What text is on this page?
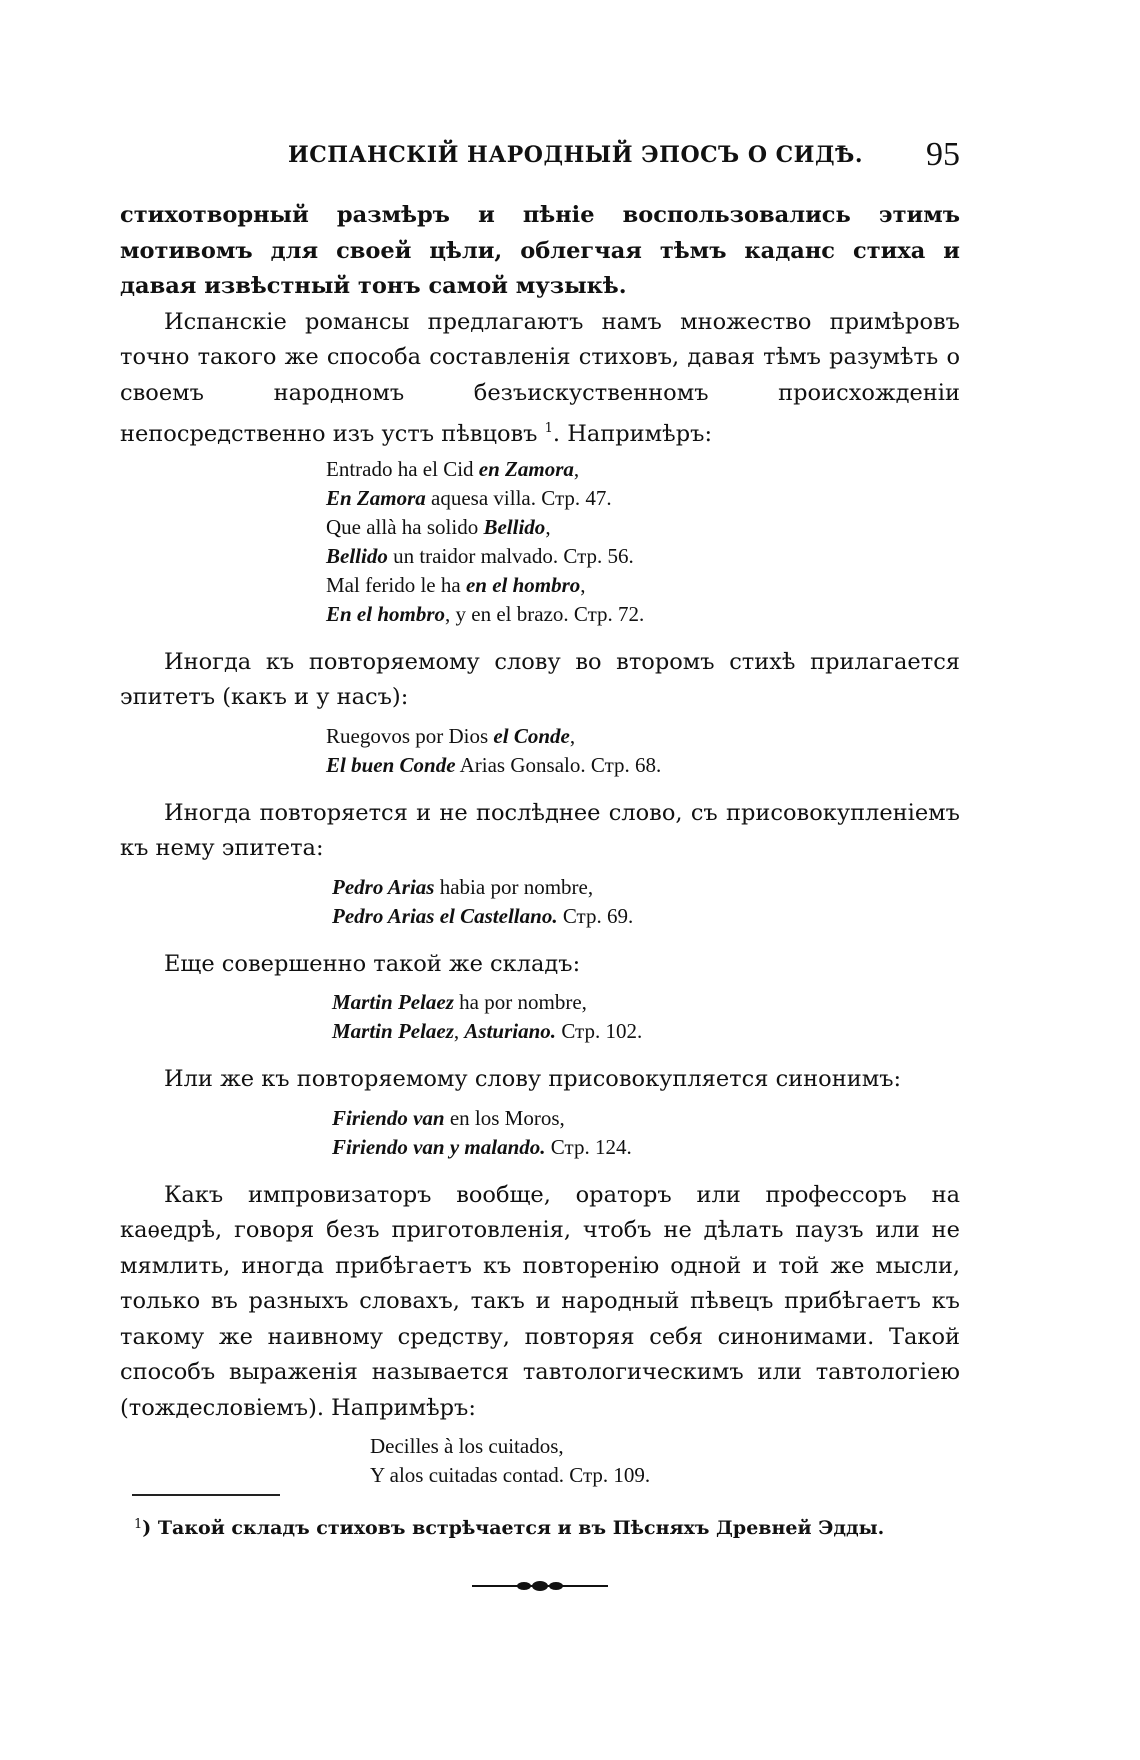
ИСПАНСКІЙ НАРОДНЫЙ ЭПОСЪ О СИДѢ. 95

стихотворный размѣръ и пѣніе воспользовались этимъ мотивомъ для своей цѣли, облегчая тѣмъ каданс стиха и давая извѣстный тонъ самой музыкѣ.

Испанскіе романсы предлагаютъ намъ множество примѣровъ точно такого же способа составленія стиховъ, давая тѣмъ разумѣть о своемъ народномъ безъискуственномъ происхожденіи непосредственно изъ устъ пѣвцовъ $^1$. Напримѣръ:

Entrado ha el Cid en Zamora,
En Zamora aquesa villa. Стр. 47.
Que allà ha solido Bellido,
Bellido un traidor malvado. Стр. 56.
Mal ferido le ha en el hombro,
En el hombro, y en el brazo. Стр. 72.

Иногда къ повторяемому слову во второмъ стихѣ прилагается эпитетъ (какъ и у насъ):

Ruegovos por Dios el Conde,
El buen Conde Arias Gonsalo. Стр. 68.

Иногда повторяется и не послѣднее слово, съ присовокупленіемъ къ нему эпитета:

Pedro Arias habia por nombre,
Pedro Arias el Castellano. Стр. 69.

Еще совершенно такой же складъ:

Martin Pelaez ha por nombre,
Martin Pelaez, Asturiano. Стр. 102.

Или же къ повторяемому слову присовокупляется синонимъ:

Firiendo van en los Moros,
Firiendo van y malando. Стр. 124.

Какъ импровизаторъ вообще, ораторъ или профессоръ на каѳедрѣ, говоря безъ приготовленія, чтобъ не дѣлать паузъ или не мямлить, иногда прибѣгаетъ къ повторенію одной и той же мысли, только въ разныхъ словахъ, такъ и народный пѣвецъ прибѣгаетъ къ такому же наивному средству, повторяя себя синонимами. Такой способъ выраженія называется тавтологическимъ или тавтологіею (тождесловіемъ). Напримѣръ:

Decilles à los cuitados,
Y alos cuitadas contad. Стр. 109.
$^1$) Такой складъ стиховъ встрѣчается и въ Пѣсняхъ Древней Эдды.
